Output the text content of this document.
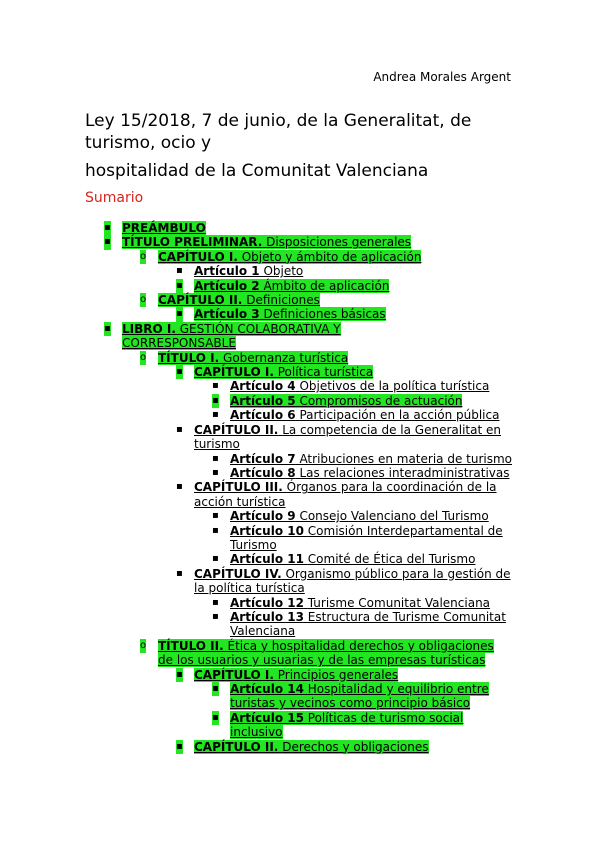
Andrea Morales Argent
Ley 15/2018, 7 de junio, de la Generalitat, de turismo, ocio y
hospitalidad de la Comunitat Valenciana
Sumario
▪ PREÁMBULO
▪ TÍTULO PRELIMINAR. Disposiciones generales
o CAPÍTULO I. Objeto y ámbito de aplicación
▪ Artículo 1 Objeto
▪ Artículo 2 Ámbito de aplicación
o CAPÍTULO II. Definiciones
▪ Artículo 3 Definiciones básicas
▪ LIBRO I. GESTIÓN COLABORATIVA Y CORRESPONSABLE
o TÍTULO I. Gobernanza turística
▪ CAPÍTULO I. Política turística
▪ Artículo 4 Objetivos de la política turística
▪ Artículo 5 Compromisos de actuación
▪ Artículo 6 Participación en la acción pública
▪ CAPÍTULO II. La competencia de la Generalitat en turismo
▪ Artículo 7 Atribuciones en materia de turismo
▪ Artículo 8 Las relaciones interadministrativas
▪ CAPÍTULO III. Órganos para la coordinación de la acción turística
▪ Artículo 9 Consejo Valenciano del Turismo
▪ Artículo 10 Comisión Interdepartamental de Turismo
▪ Artículo 11 Comité de Ética del Turismo
▪ CAPÍTULO IV. Organismo público para la gestión de la política turística
▪ Artículo 12 Turisme Comunitat Valenciana
▪ Artículo 13 Estructura de Turisme Comunitat Valenciana
o TÍTULO II. Ética y hospitalidad derechos y obligaciones de los usuarios y usuarias y de las empresas turísticas
▪ CAPÍTULO I. Principios generales
▪ Artículo 14 Hospitalidad y equilibrio entre turistas y vecinos como principio básico
▪ Artículo 15 Políticas de turismo social inclusivo
▪ CAPÍTULO II. Derechos y obligaciones
